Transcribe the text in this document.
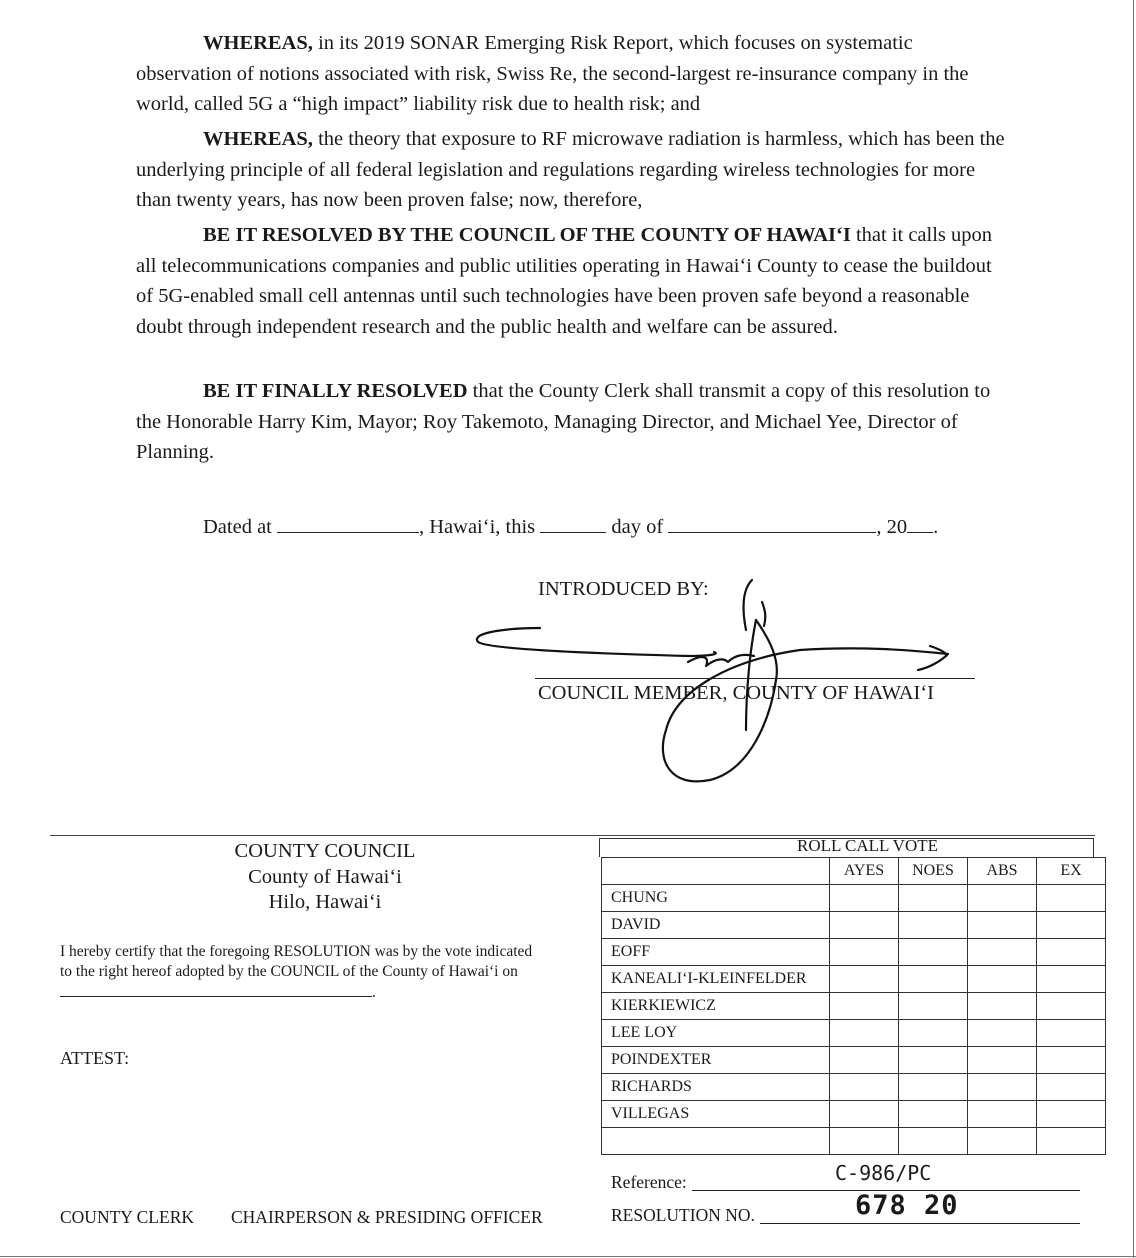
WHEREAS, in its 2019 SONAR Emerging Risk Report, which focuses on systematic observation of notions associated with risk, Swiss Re, the second-largest re-insurance company in the world, called 5G a “high impact” liability risk due to health risk; and

WHEREAS, the theory that exposure to RF microwave radiation is harmless, which has been the underlying principle of all federal legislation and regulations regarding wireless technologies for more than twenty years, has now been proven false; now, therefore,

BE IT RESOLVED BY THE COUNCIL OF THE COUNTY OF HAWAIʻI that it calls upon all telecommunications companies and public utilities operating in Hawaiʻi County to cease the buildout of 5G-enabled small cell antennas until such technologies have been proven safe beyond a reasonable doubt through independent research and the public health and welfare can be assured.

BE IT FINALLY RESOLVED that the County Clerk shall transmit a copy of this resolution to the Honorable Harry Kim, Mayor; Roy Takemoto, Managing Director, and Michael Yee, Director of Planning.

Dated at	, Hawaiʻi, this	day of	, 20 .
INTRODUCED BY:
COUNCIL MEMBER, COUNTY OF HAWAIʻI
COUNTY COUNCIL
County of Hawaiʻi
Hilo, Hawaiʻi
I hereby certify that the foregoing RESOLUTION was by the vote indicated to the right hereof adopted by the COUNCIL of the County of Hawaiʻi on .
ATTEST:
COUNTY CLERK CHAIRPERSON & PRESIDING OFFICER
ROLL CALL VOTE
	AYES	NOES	ABS	EX
CHUNG				
DAVID				
EOFF				
KANEALIʻI-KLEINFELDER				
KIERKIEWICZ				
LEE LOY				
POINDEXTER				
RICHARDS				
VILLEGAS				

Reference:	C-986/PC
RESOLUTION NO.	678 20
